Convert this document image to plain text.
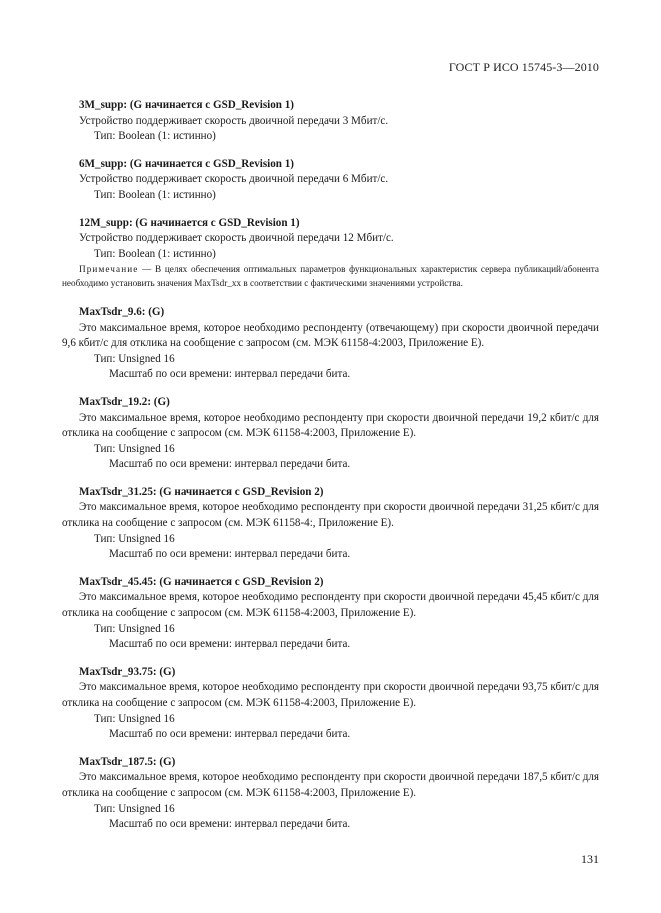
ГОСТ Р ИСО 15745-3—2010
3M_supp: (G начинается с GSD_Revision 1)
Устройство поддерживает скорость двоичной передачи 3 Мбит/с.
Тип: Boolean (1: истинно)
6M_supp: (G начинается с GSD_Revision 1)
Устройство поддерживает скорость двоичной передачи 6 Мбит/с.
Тип: Boolean (1: истинно)
12M_supp: (G начинается с GSD_Revision 1)
Устройство поддерживает скорость двоичной передачи 12 Мбит/с.
Тип: Boolean (1: истинно)
Примечание — В целях обеспечения оптимальных параметров функциональных характеристик сервера публикаций/абонента необходимо установить значения MaxTsdr_xx в соответствии с фактическими значениями устройства.
MaxTsdr_9.6: (G)
Это максимальное время, которое необходимо респонденту (отвечающему) при скорости двоичной передачи 9,6 кбит/с для отклика на сообщение с запросом (см. МЭК 61158-4:2003, Приложение Е).
Тип: Unsigned 16
Масштаб по оси времени: интервал передачи бита.
MaxTsdr_19.2: (G)
Это максимальное время, которое необходимо респонденту при скорости двоичной передачи 19,2 кбит/с для отклика на сообщение с запросом (см. МЭК 61158-4:2003, Приложение Е).
Тип: Unsigned 16
Масштаб по оси времени: интервал передачи бита.
MaxTsdr_31.25: (G начинается с GSD_Revision 2)
Это максимальное время, которое необходимо респонденту при скорости двоичной передачи 31,25 кбит/с для отклика на сообщение с запросом (см. МЭК 61158-4:, Приложение Е).
Тип: Unsigned 16
Масштаб по оси времени: интервал передачи бита.
MaxTsdr_45.45: (G начинается с GSD_Revision 2)
Это максимальное время, которое необходимо респонденту при скорости двоичной передачи 45,45 кбит/с для отклика на сообщение с запросом (см. МЭК 61158-4:2003, Приложение Е).
Тип: Unsigned 16
Масштаб по оси времени: интервал передачи бита.
MaxTsdr_93.75: (G)
Это максимальное время, которое необходимо респонденту при скорости двоичной передачи 93,75 кбит/с для отклика на сообщение с запросом (см. МЭК 61158-4:2003, Приложение Е).
Тип: Unsigned 16
Масштаб по оси времени: интервал передачи бита.
MaxTsdr_187.5: (G)
Это максимальное время, которое необходимо респонденту при скорости двоичной передачи 187,5 кбит/с для отклика на сообщение с запросом (см. МЭК 61158-4:2003, Приложение Е).
Тип: Unsigned 16
Масштаб по оси времени: интервал передачи бита.
131
